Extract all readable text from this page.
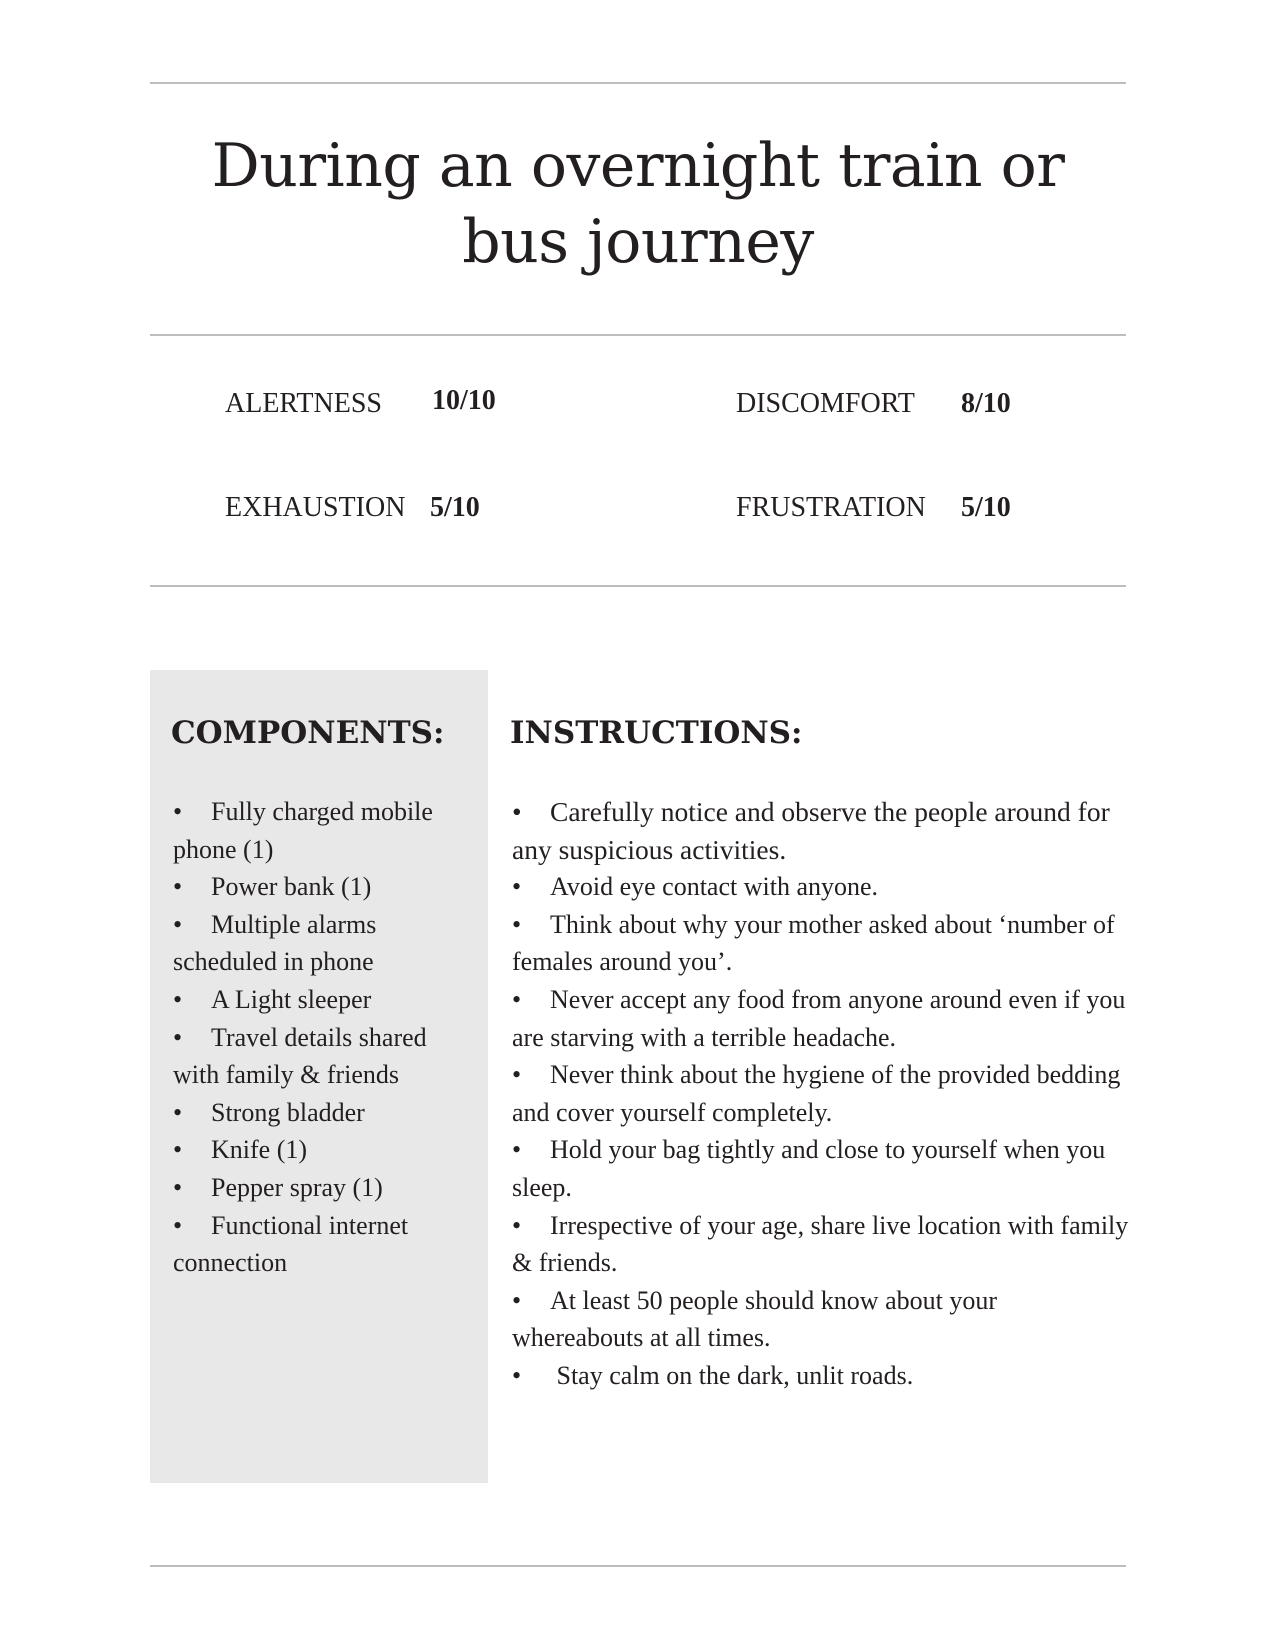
During an overnight train or bus journey
ALERTNESS 10/10	DISCOMFORT 8/10
EXHAUSTION 5/10	FRUSTRATION 5/10
COMPONENTS:
• Fully charged mobile phone (1)
• Power bank (1)
• Multiple alarms scheduled in phone
• A Light sleeper
• Travel details shared with family & friends
• Strong bladder
• Knife (1)
• Pepper spray (1)
• Functional internet connection
INSTRUCTIONS:
• Carefully notice and observe the people around for any suspicious activities.
• Avoid eye contact with anyone.
• Think about why your mother asked about ‘number of females around you’.
• Never accept any food from anyone around even if you are starving with a terrible headache.
• Never think about the hygiene of the provided bedding and cover yourself completely.
• Hold your bag tightly and close to yourself when you sleep.
• Irrespective of your age, share live location with family & friends.
• At least 50 people should know about your whereabouts at all times.
• Stay calm on the dark, unlit roads.
